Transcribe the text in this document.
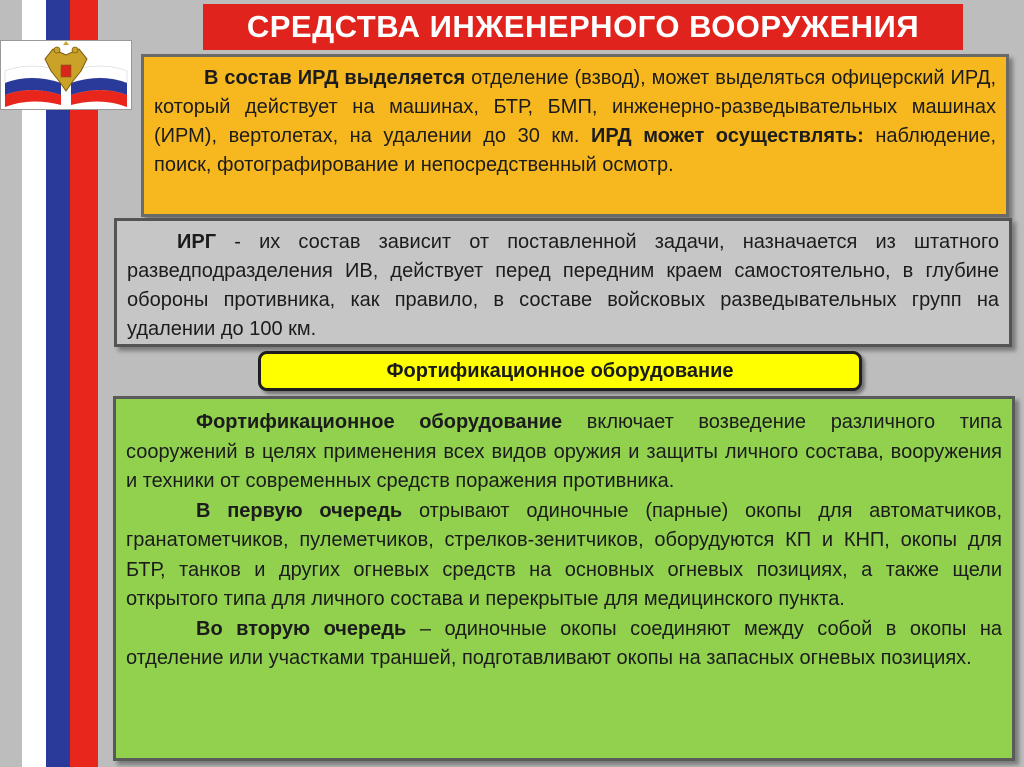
СРЕДСТВА ИНЖЕНЕРНОГО ВООРУЖЕНИЯ

В состав ИРД выделяется отделение (взвод), может выделяться офицерский ИРД, который действует на машинах, БТР, БМП, инженерно-разведывательных машинах (ИРМ), вертолетах, на удалении до 30 км. ИРД может осуществлять: наблюдение, поиск, фотографирование и непосредственный осмотр.

ИРГ - их состав зависит от поставленной задачи, назначается из штатного разведподразделения ИВ, действует перед передним краем самостоятельно, в глубине обороны противника, как правило, в составе войсковых разведывательных групп на удалении до 100 км.

Фортификационное оборудование

Фортификационное оборудование включает возведение различного типа сооружений в целях применения всех видов оружия и защиты личного состава, вооружения и техники от современных средств поражения противника.

В первую очередь отрывают одиночные (парные) окопы для автоматчиков, гранатометчиков, пулеметчиков, стрелков-зенитчиков, оборудуются КП и КНП, окопы для БТР, танков и других огневых средств на основных огневых позициях, а также щели открытого типа для личного состава и перекрытые для медицинского пункта.

Во вторую очередь – одиночные окопы соединяют между собой в окопы на отделение или участками траншей, подготавливают окопы на запасных огневых позициях.
